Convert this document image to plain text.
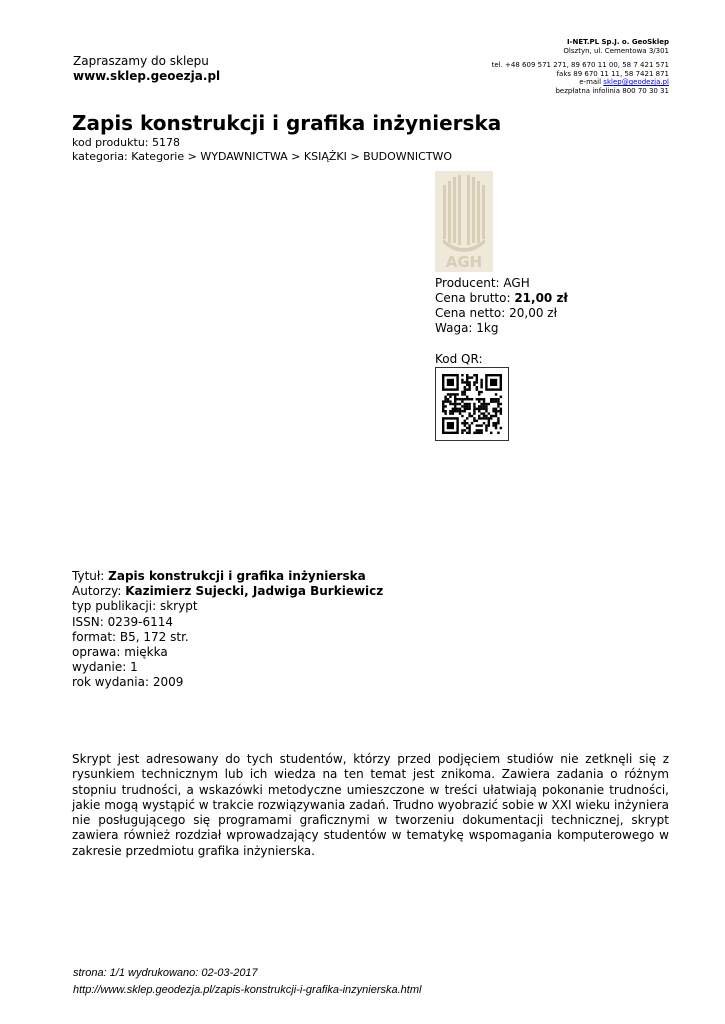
Zapraszamy do sklepu
www.sklep.geoezja.pl
I-NET.PL Sp.J. o. GeoSklep
Olsztyn, ul. Cementowa 3/301
tel. +48 609 571 271, 89 670 11 00, 58 7 421 571
faks 89 670 11 11, 58 7421 871
e-mail sklep@geodezja.pl
bezpłatna infolinia 800 70 30 31
Zapis konstrukcji i grafika inżynierska
kod produktu: 5178
kategoria: Kategorie > WYDAWNICTWA > KSIĄŻKI > BUDOWNICTWO
AGH
Producent: AGH
Cena brutto: 21,00 zł
Cena netto: 20,00 zł
Waga: 1kg
Kod QR:
Tytuł: Zapis konstrukcji i grafika inżynierska
Autorzy: Kazimierz Sujecki, Jadwiga Burkiewicz
typ publikacji: skrypt
ISSN: 0239-6114
format: B5, 172 str.
oprawa: miękka
wydanie: 1
rok wydania: 2009
Skrypt jest adresowany do tych studentów, którzy przed podjęciem studiów nie zetknęli się z rysunkiem technicznym lub ich wiedza na ten temat jest znikoma. Zawiera zadania o różnym stopniu trudności, a wskazówki metodyczne umieszczone w treści ułatwiają pokonanie trudności, jakie mogą wystąpić w trakcie rozwiązywania zadań. Trudno wyobrazić sobie w XXI wieku inżyniera nie posługującego się programami graficznymi w tworzeniu dokumentacji technicznej, skrypt zawiera również rozdział wprowadzający studentów w tematykę wspomagania komputerowego w zakresie przedmiotu grafika inżynierska.
strona: 1/1 wydrukowano: 02-03-2017
http://www.sklep.geodezja.pl/zapis-konstrukcji-i-grafika-inzynierska.html
